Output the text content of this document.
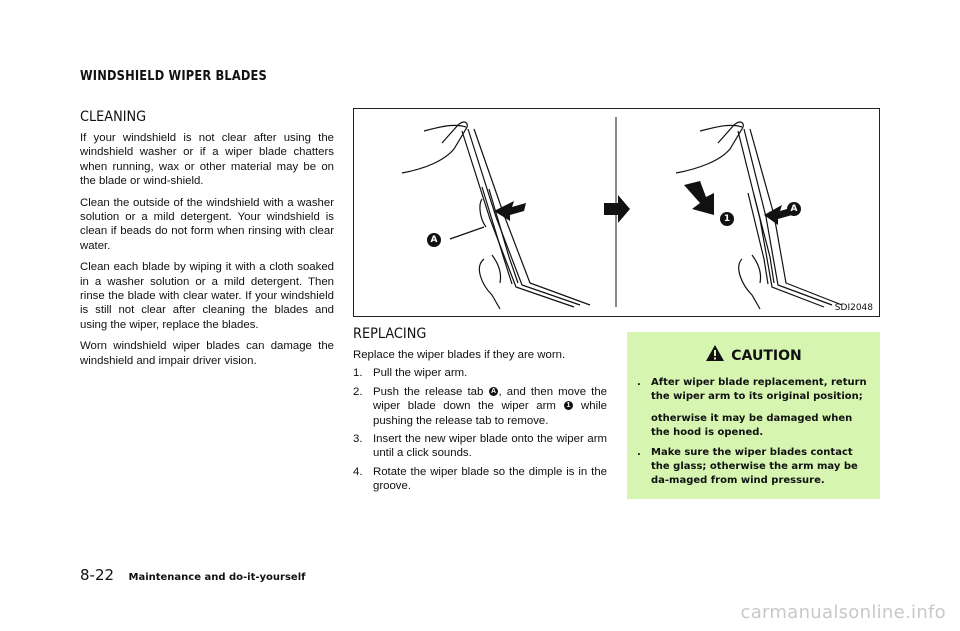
WINDSHIELD WIPER BLADES
CLEANING

If your windshield is not clear after using the windshield washer or if a wiper blade chatters when running, wax or other material may be on the blade or wind-shield.

Clean the outside of the windshield with a washer solution or a mild detergent. Your windshield is clean if beads do not form when rinsing with clear water.

Clean each blade by wiping it with a cloth soaked in a washer solution or a mild detergent. Then rinse the blade with clear water. If your windshield is still not clear after cleaning the blades and using the wiper, replace the blades.

Worn windshield wiper blades can damage the windshield and impair driver vision.

A
1
A
SDI2048
REPLACING

Replace the wiper blades if they are worn.

1. Pull the wiper arm.
2. Push the release tab A , and then move the wiper blade down the wiper arm 1 while pushing the release tab to remove.
3. Insert the new wiper blade onto the wiper arm until a click sounds.
4. Rotate the wiper blade so the dimple is in the groove.
CAUTION
. After wiper blade replacement, return the wiper arm to its original position;
otherwise it may be damaged when the hood is opened.
. Make sure the wiper blades contact the glass; otherwise the arm may be da-maged from wind pressure.
8-22 Maintenance and do-it-yourself
carmanualsonline.info
